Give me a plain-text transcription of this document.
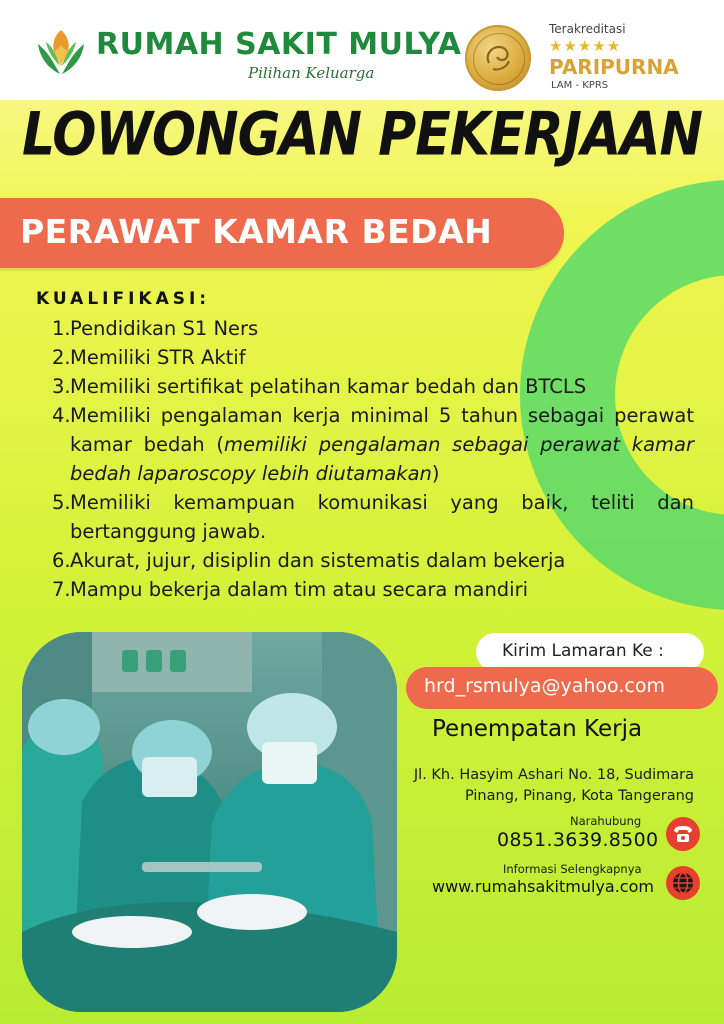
RUMAH SAKIT MULYA
Pilihan Keluarga
Terakreditasi
★★★★★
PARIPURNA
LAM - KPRS
LOWONGAN PEKERJAAN
PERAWAT KAMAR BEDAH
KUALIFIKASI:
1. Pendidikan S1 Ners
2. Memiliki STR Aktif
3. Memiliki sertifikat pelatihan kamar bedah dan BTCLS
4. Memiliki pengalaman kerja minimal 5 tahun sebagai perawat kamar bedah (memiliki pengalaman sebagai perawat kamar bedah laparoscopy lebih diutamakan)
5. Memiliki kemampuan komunikasi yang baik, teliti dan bertanggung jawab.
6. Akurat, jujur, disiplin dan sistematis dalam bekerja
7. Mampu bekerja dalam tim atau secara mandiri
Kirim Lamaran Ke :
hrd_rsmulya@yahoo.com
Penempatan Kerja
Jl. Kh. Hasyim Ashari No. 18, Sudimara Pinang, Pinang, Kota Tangerang
Narahubung
0851.3639.8500
Informasi Selengkapnya
www.rumahsakitmulya.com
